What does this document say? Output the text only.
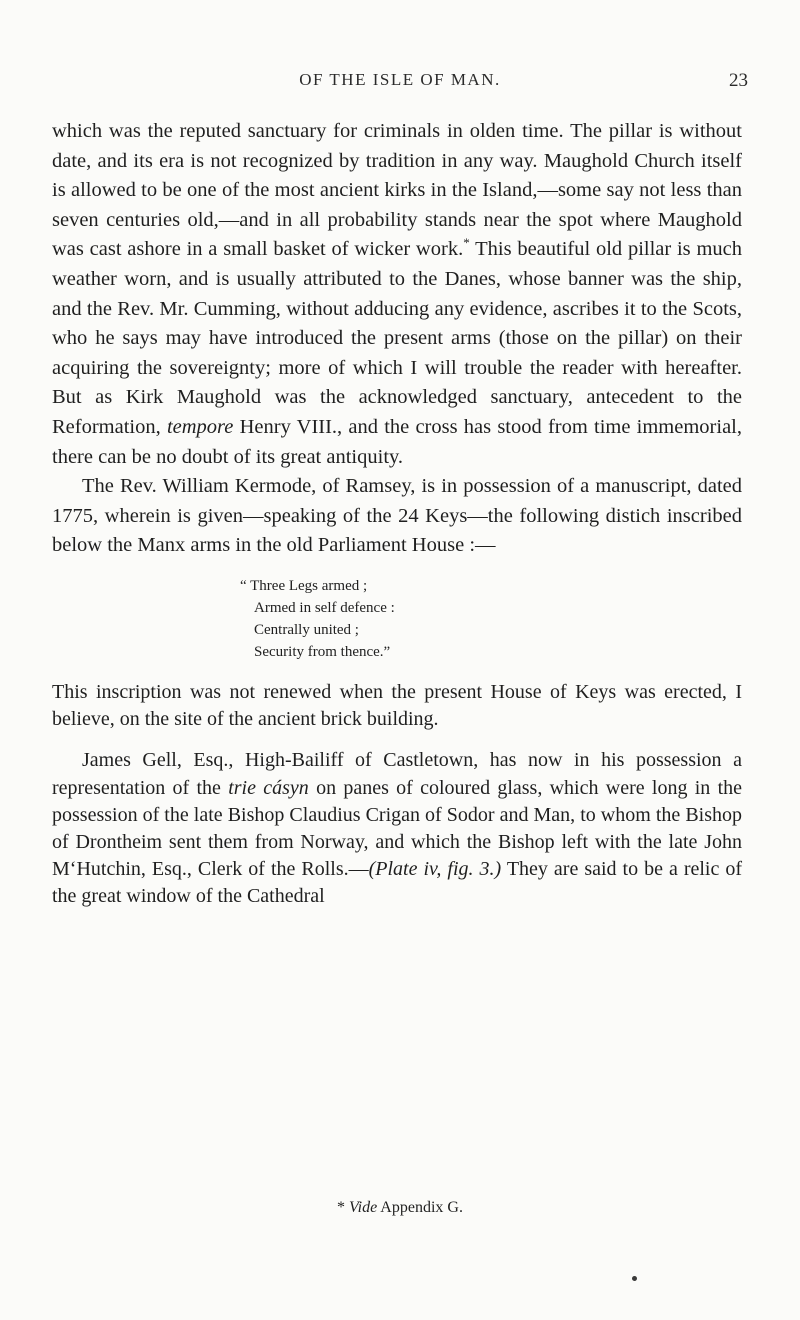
OF THE ISLE OF MAN.	23

which was the reputed sanctuary for criminals in olden time. The pillar is without date, and its era is not recognized by tradition in any way. Maughold Church itself is allowed to be one of the most ancient kirks in the Island,—some say not less than seven centuries old,—and in all probability stands near the spot where Maughold was cast ashore in a small basket of wicker work.* This beautiful old pillar is much weather worn, and is usually attributed to the Danes, whose banner was the ship, and the Rev. Mr. Cumming, without adducing any evidence, ascribes it to the Scots, who he says may have introduced the present arms (those on the pillar) on their acquiring the sovereignty; more of which I will trouble the reader with hereafter. But as Kirk Maughold was the acknowledged sanctuary, antecedent to the Reformation, tempore Henry VIII., and the cross has stood from time immemorial, there can be no doubt of its great antiquity.

The Rev. William Kermode, of Ramsey, is in possession of a manuscript, dated 1775, wherein is given—speaking of the 24 Keys—the following distich inscribed below the Manx arms in the old Parliament House :—

“ Three Legs armed ;
Armed in self defence :
Centrally united ;
Security from thence.”

This inscription was not renewed when the present House of Keys was erected, I believe, on the site of the ancient brick building.

James Gell, Esq., High-Bailiff of Castletown, has now in his possession a representation of the trie cásyn on panes of coloured glass, which were long in the possession of the late Bishop Claudius Crigan of Sodor and Man, to whom the Bishop of Drontheim sent them from Norway, and which the Bishop left with the late John M‘Hutchin, Esq., Clerk of the Rolls.—(Plate iv, fig. 3.) They are said to be a relic of the great window of the Cathedral

* Vide Appendix G.
